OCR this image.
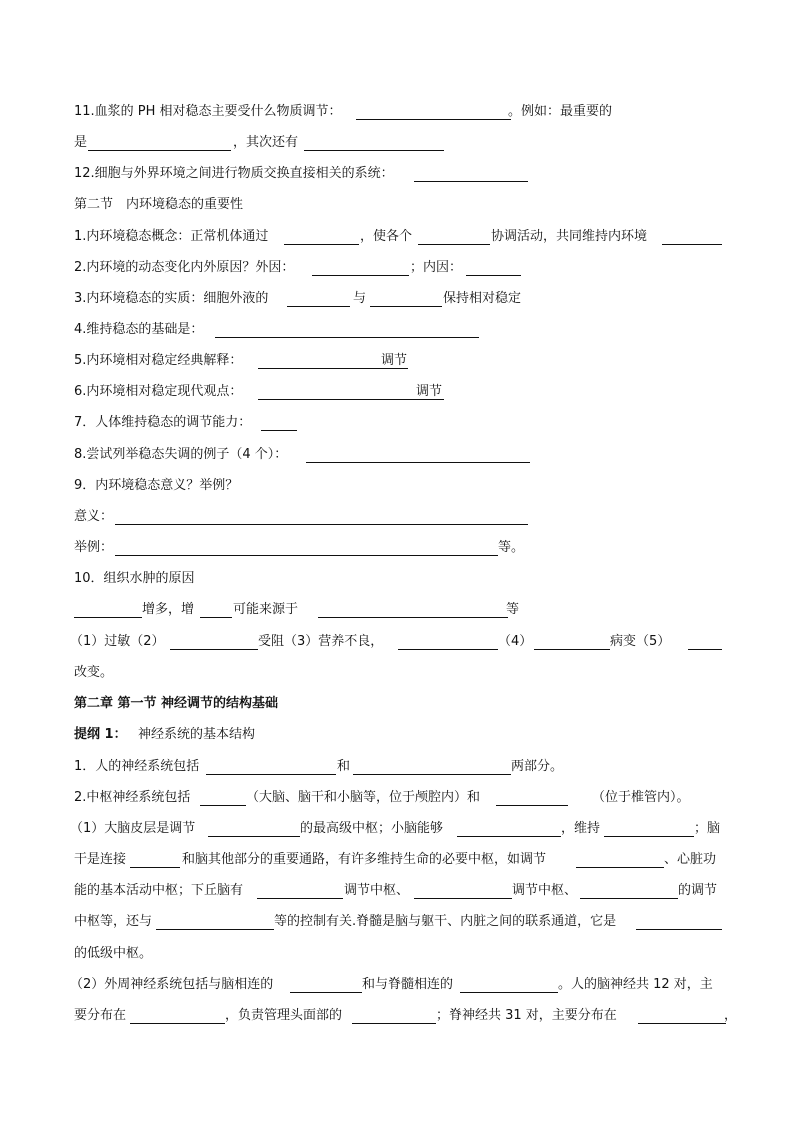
11.血浆的 PH 相对稳态主要受什么物质调节：	。例如：最重要的
是	，其次还有
12.细胞与外界环境之间进行物质交换直接相关的系统：
第二节　内环境稳态的重要性
1.内环境稳态概念：正常机体通过	，使各个	协调活动，共同维持内环境
2.内环境的动态变化内外原因？外因：	；内因：
3.内环境稳态的实质：细胞外液的	与	保持相对稳定
4.维持稳态的基础是：
5.内环境相对稳定经典解释：	调节
6.内环境相对稳定现代观点：	调节
7．人体维持稳态的调节能力：
8.尝试列举稳态失调的例子（4 个）：
9．内环境稳态意义？举例？
意义：
举例：	等。
10．组织水肿的原因
增多，增	可能来源于	等
（1）过敏（2）	受阻（3）营养不良，	（4）	病变（5）
改变。
第二章 第一节 神经调节的结构基础
提纲 1： 神经系统的基本结构
1．人的神经系统包括	和	两部分。
2.中枢神经系统包括	（大脑、脑干和小脑等，位于颅腔内）和	（位于椎管内）。
（1）大脑皮层是调节	的最高级中枢；小脑能够	，维持	；脑
干是连接	和脑其他部分的重要通路，有许多维持生命的必要中枢，如调节	、心脏功
能的基本活动中枢；下丘脑有	调节中枢、	调节中枢、	的调节
中枢等，还与	等的控制有关.脊髓是脑与躯干、内脏之间的联系通道，它是
的低级中枢。
（2）外周神经系统包括与脑相连的	和与脊髓相连的	。人的脑神经共 12 对，主
要分布在	，负责管理头面部的	；脊神经共 31 对，主要分布在	，
